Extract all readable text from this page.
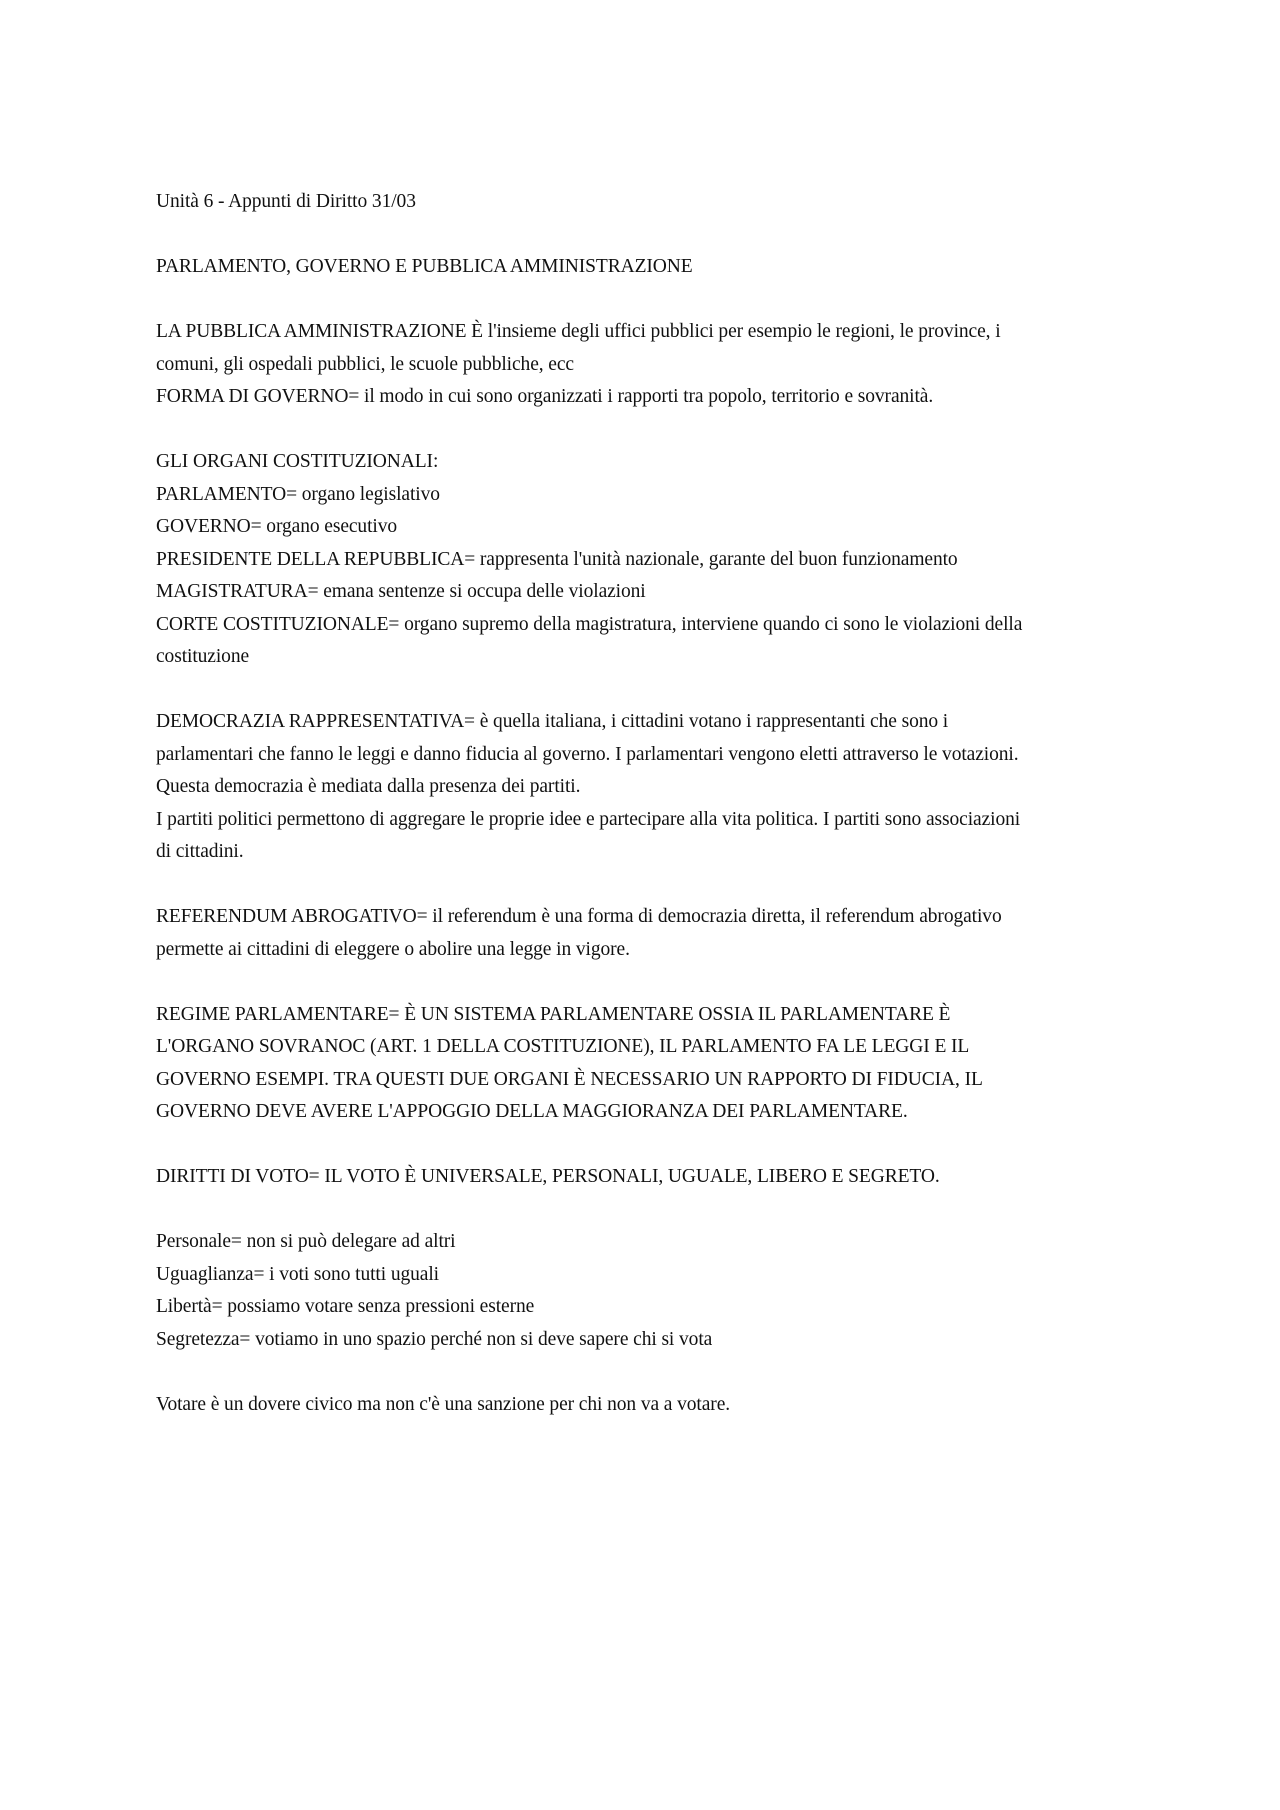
Unità 6 - Appunti di Diritto 31/03
PARLAMENTO, GOVERNO E PUBBLICA AMMINISTRAZIONE
LA PUBBLICA AMMINISTRAZIONE È l'insieme degli uffici pubblici per esempio le regioni, le province, i
comuni, gli ospedali pubblici, le scuole pubbliche, ecc
FORMA DI GOVERNO= il modo in cui sono organizzati i rapporti tra popolo, territorio e sovranità.
GLI ORGANI COSTITUZIONALI:
PARLAMENTO= organo legislativo
GOVERNO= organo esecutivo
PRESIDENTE DELLA REPUBBLICA= rappresenta l'unità nazionale, garante del buon funzionamento
MAGISTRATURA= emana sentenze si occupa delle violazioni
CORTE COSTITUZIONALE= organo supremo della magistratura, interviene quando ci sono le violazioni della
costituzione
DEMOCRAZIA RAPPRESENTATIVA= è quella italiana, i cittadini votano i rappresentanti che sono i
parlamentari che fanno le leggi e danno fiducia al governo. I parlamentari vengono eletti attraverso le votazioni.
Questa democrazia è mediata dalla presenza dei partiti.
I partiti politici permettono di aggregare le proprie idee e partecipare alla vita politica. I partiti sono associazioni
di cittadini.
REFERENDUM ABROGATIVO= il referendum è una forma di democrazia diretta, il referendum abrogativo
permette ai cittadini di eleggere o abolire una legge in vigore.
REGIME PARLAMENTARE= È UN SISTEMA PARLAMENTARE OSSIA IL PARLAMENTARE È
L'ORGANO SOVRANOC (ART. 1 DELLA COSTITUZIONE), IL PARLAMENTO FA LE LEGGI E IL
GOVERNO ESEMPI. TRA QUESTI DUE ORGANI È NECESSARIO UN RAPPORTO DI FIDUCIA, IL
GOVERNO DEVE AVERE L'APPOGGIO DELLA MAGGIORANZA DEI PARLAMENTARE.
DIRITTI DI VOTO= IL VOTO È UNIVERSALE, PERSONALI, UGUALE, LIBERO E SEGRETO.
Personale= non si può delegare ad altri
Uguaglianza= i voti sono tutti uguali
Libertà= possiamo votare senza pressioni esterne
Segretezza= votiamo in uno spazio perché non si deve sapere chi si vota
Votare è un dovere civico ma non c'è una sanzione per chi non va a votare.
